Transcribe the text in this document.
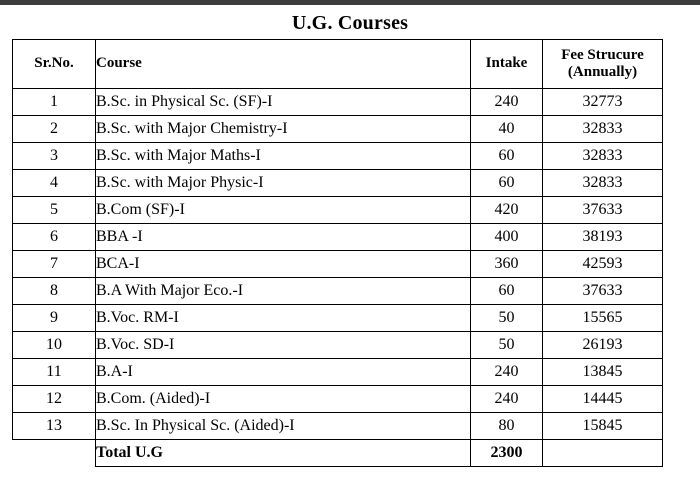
U.G. Courses
Sr.No.	Course	Intake	Fee Strucure
(Annually)

1	B.Sc. in Physical Sc. (SF)-I	240	32773
2	B.Sc. with Major Chemistry-I	40	32833
3	B.Sc. with Major Maths-I	60	32833
4	B.Sc. with Major Physic-I	60	32833
5	B.Com (SF)-I	420	37633
6	BBA -I	400	38193
7	BCA-I	360	42593
8	B.A With Major Eco.-I	60	37633
9	B.Voc. RM-I	50	15565
10	B.Voc. SD-I	50	26193
11	B.A-I	240	13845
12	B.Com. (Aided)-I	240	14445
13	B.Sc. In Physical Sc. (Aided)-I	80	15845
	Total U.G	2300	
